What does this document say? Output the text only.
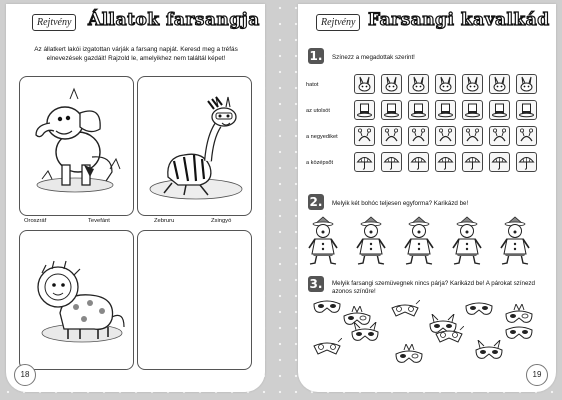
Rejtvény Állatok farsangja
Az állatkert lakói izgatottan várják a farsang napját. Keresd meg a tréfás elnevezések gazdáit! Rajzold le, amelyikhez nem találtál képet!
Oroszráf	Tevefánt	Zebruru	Zsingyó
18
Rejtvény Farsangi kavalkád
1. Színezz a megadottak szerint!
hatot
az utolsót
a negyediket
a középsőt
2. Melyik két bohóc teljesen egyforma? Karikázd be!
3. Melyik farsangi szemüvegnek nincs párja? Karikázd be! A párokat színezd azonos színűre!
19
